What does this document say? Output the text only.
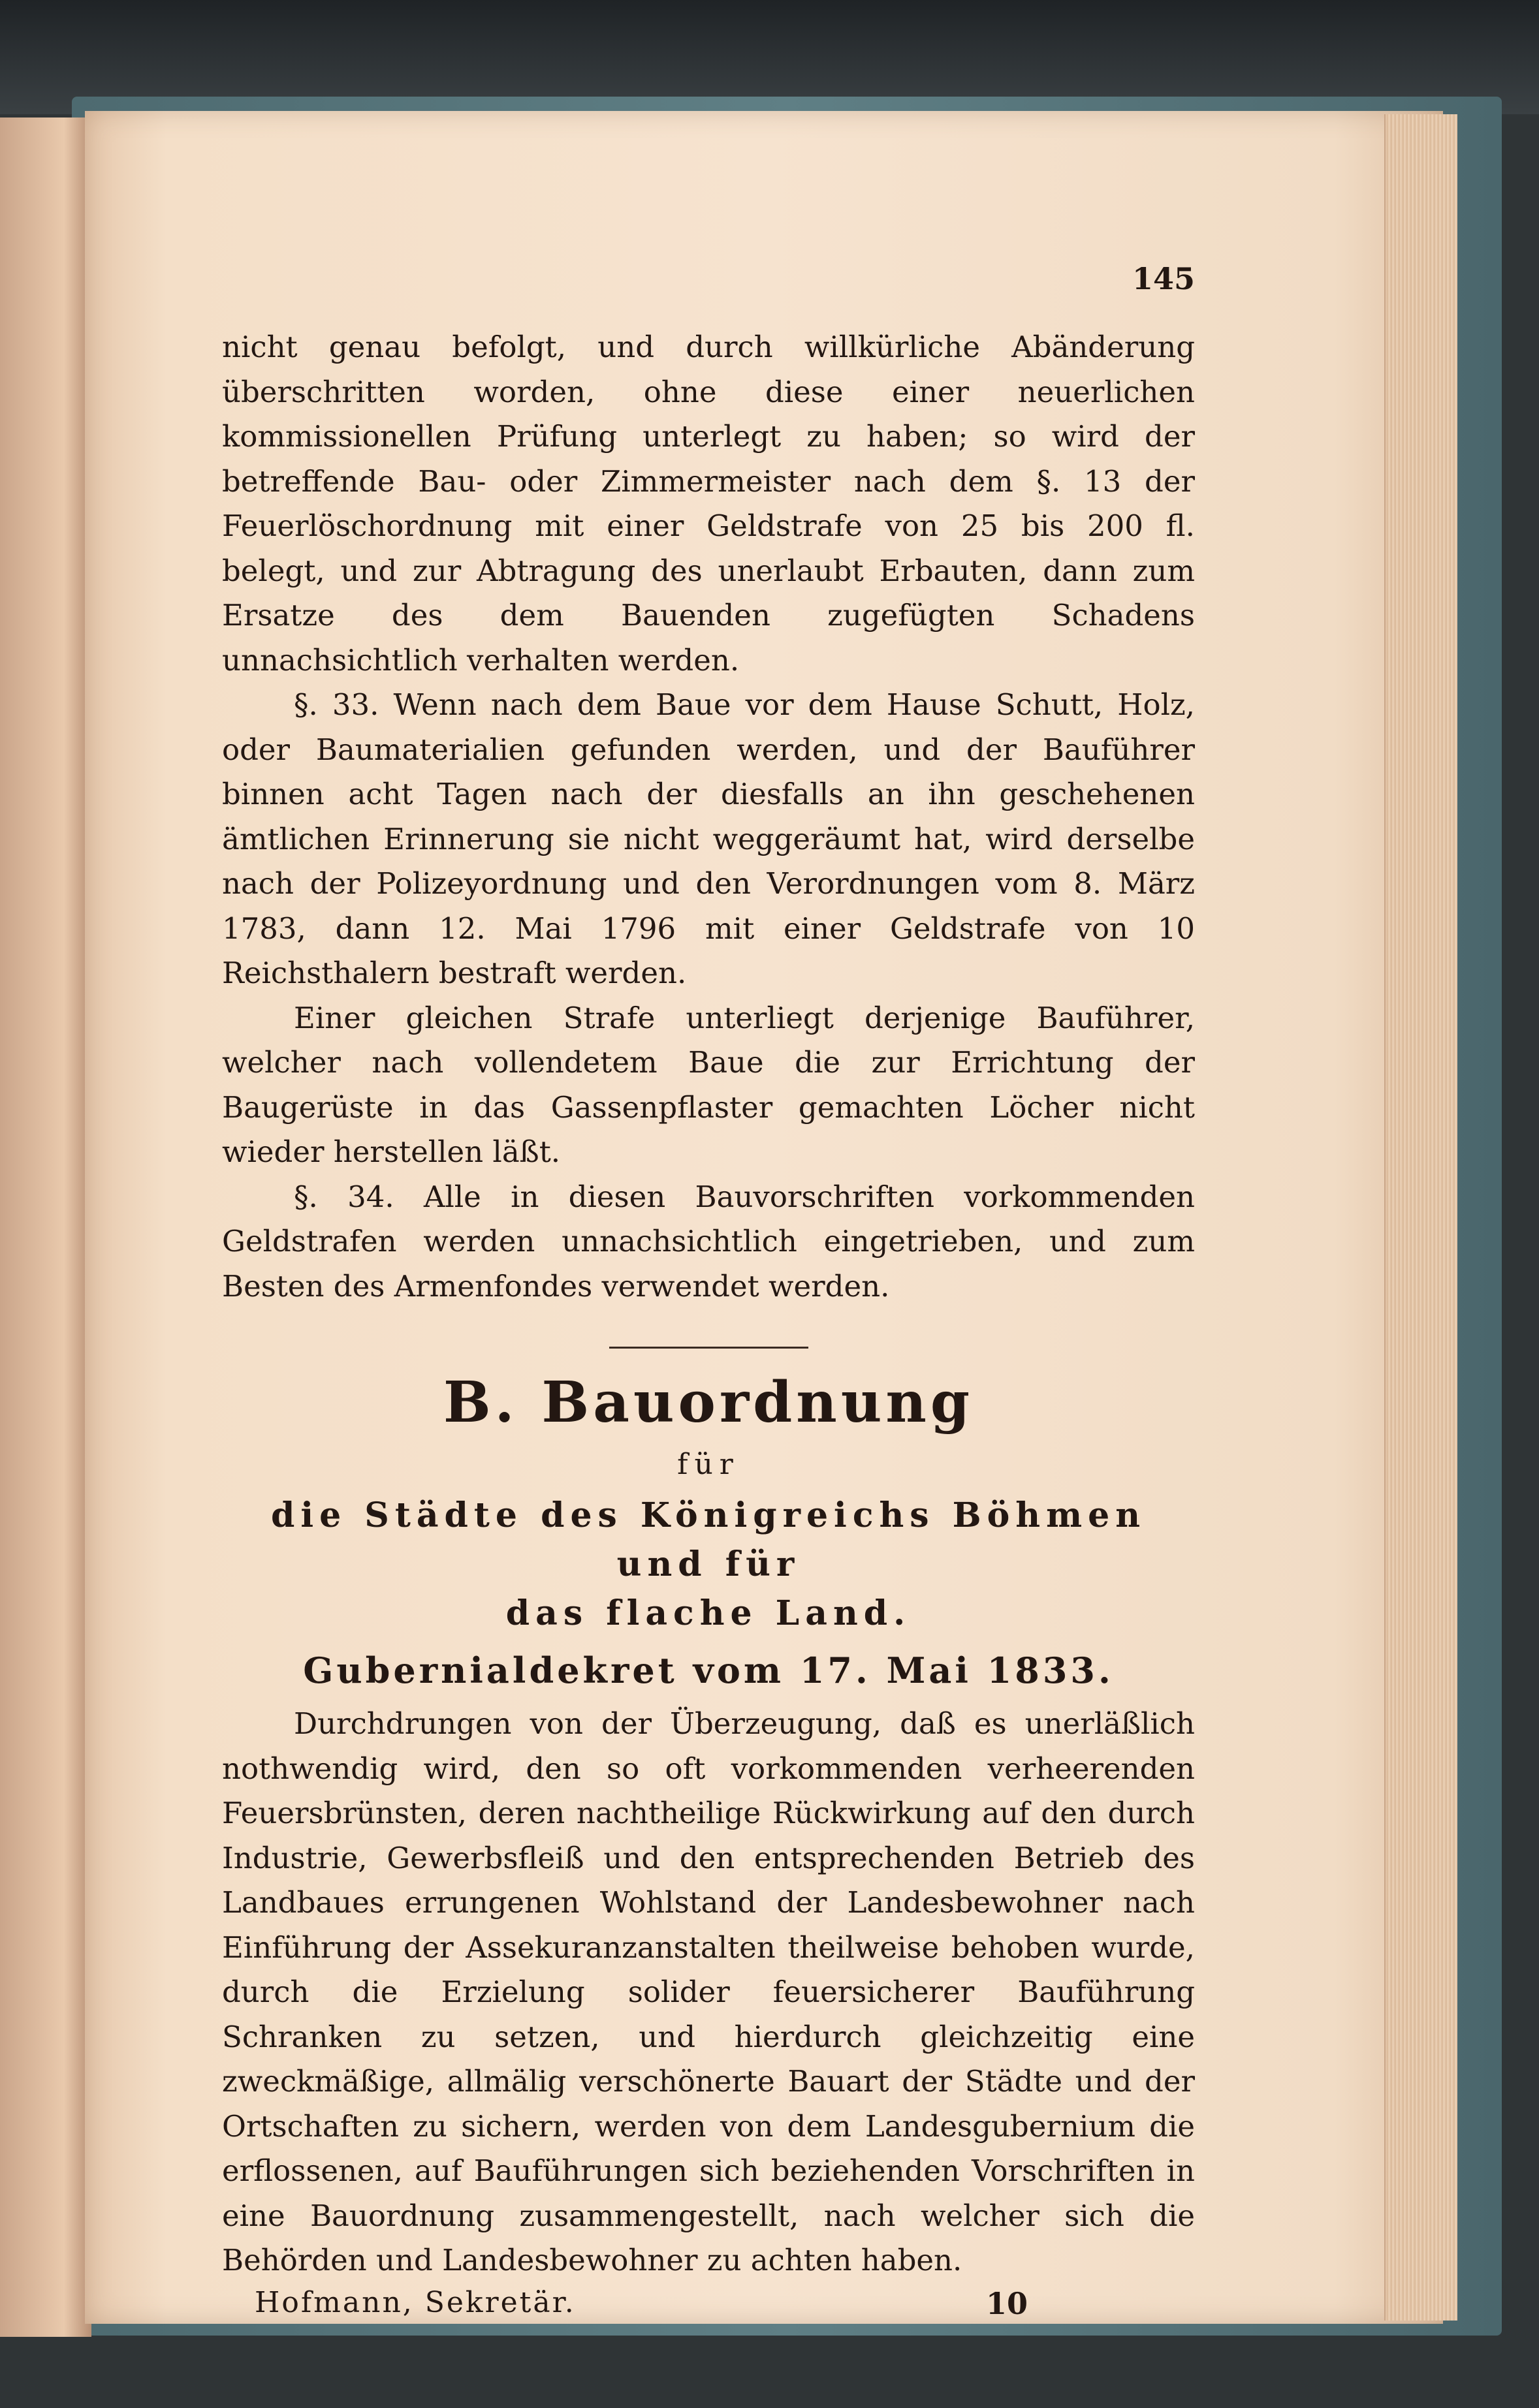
145

nicht genau befolgt, und durch willkürliche Abänderung überschritten worden, ohne diese einer neuerlichen kommissionellen Prüfung unterlegt zu haben; so wird der betreffende Bau- oder Zimmermeister nach dem §. 13 der Feuerlöschordnung mit einer Geldstrafe von 25 bis 200 fl. belegt, und zur Abtragung des unerlaubt Erbauten, dann zum Ersatze des dem Bauenden zugefügten Schadens unnachsichtlich verhalten werden.

§. 33. Wenn nach dem Baue vor dem Hause Schutt, Holz, oder Baumaterialien gefunden werden, und der Bauführer binnen acht Tagen nach der diesfalls an ihn geschehenen ämtlichen Erinnerung sie nicht weggeräumt hat, wird derselbe nach der Polizeyordnung und den Verordnungen vom 8. März 1783, dann 12. Mai 1796 mit einer Geldstrafe von 10 Reichsthalern bestraft werden.

Einer gleichen Strafe unterliegt derjenige Bauführer, welcher nach vollendetem Baue die zur Errichtung der Baugerüste in das Gassenpflaster gemachten Löcher nicht wieder herstellen läßt.

§. 34. Alle in diesen Bauvorschriften vorkommenden Geldstrafen werden unnachsichtlich eingetrieben, und zum Besten des Armenfondes verwendet werden.

B. Bauordnung

für

die Städte des Königreichs Böhmen und für

das flache Land.

Gubernialdekret vom 17. Mai 1833.

Durchdrungen von der Überzeugung, daß es unerläßlich nothwendig wird, den so oft vorkommenden verheerenden Feuersbrünsten, deren nachtheilige Rückwirkung auf den durch Industrie, Gewerbsfleiß und den entsprechenden Betrieb des Landbaues errungenen Wohlstand der Landesbewohner nach Einführung der Assekuranzanstalten theilweise behoben wurde, durch die Erzielung solider feuersicherer Bauführung Schranken zu setzen, und hierdurch gleichzeitig eine zweckmäßige, allmälig verschönerte Bauart der Städte und der Ortschaften zu sichern, werden von dem Landesgubernium die erflossenen, auf Bauführungen sich beziehenden Vorschriften in eine Bauordnung zusammengestellt, nach welcher sich die Behörden und Landesbewohner zu achten haben.

Hofmann, Sekretär.	10
